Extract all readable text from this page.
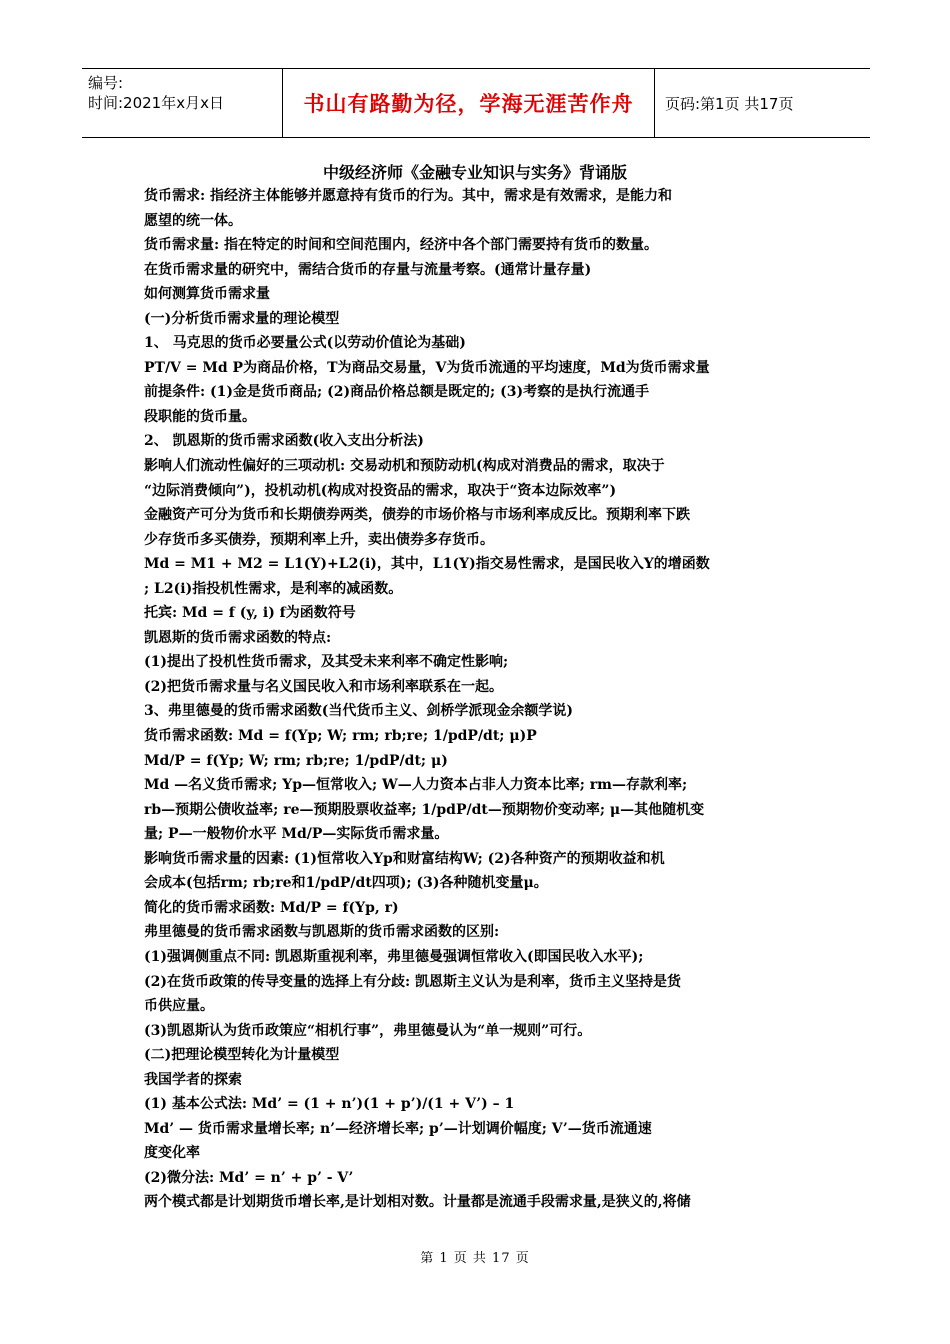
编号:
时间:2021年x月x日	书山有路勤为径，学海无涯苦作舟	页码:第1页 共17页
中级经济师《金融专业知识与实务》背诵版
货币需求: 指经济主体能够并愿意持有货币的行为。其中，需求是有效需求，是能力和
愿望的统一体。
货币需求量: 指在特定的时间和空间范围内，经济中各个部门需要持有货币的数量。
在货币需求量的研究中，需结合货币的存量与流量考察。(通常计量存量)
如何测算货币需求量
(一)分析货币需求量的理论模型
1、 马克思的货币必要量公式(以劳动价值论为基础)
PT/V = Md P为商品价格，T为商品交易量，V为货币流通的平均速度，Md为货币需求量
前提条件: (1)金是货币商品; (2)商品价格总额是既定的; (3)考察的是执行流通手
段职能的货币量。
2、 凯恩斯的货币需求函数(收入支出分析法)
影响人们流动性偏好的三项动机: 交易动机和预防动机(构成对消费品的需求，取决于
“边际消费倾向”)，投机动机(构成对投资品的需求，取决于“资本边际效率”)
金融资产可分为货币和长期债券两类，债券的市场价格与市场利率成反比。预期利率下跌
少存货币多买债券，预期利率上升，卖出债券多存货币。
Md = M1 + M2 = L1(Y)+L2(i)，其中，L1(Y)指交易性需求，是国民收入Y的增函数
; L2(i)指投机性需求，是利率的减函数。
托宾: Md = f (y, i) f为函数符号
凯恩斯的货币需求函数的特点:
(1)提出了投机性货币需求，及其受未来利率不确定性影响;
(2)把货币需求量与名义国民收入和市场利率联系在一起。
3、弗里德曼的货币需求函数(当代货币主义、剑桥学派现金余额学说)
货币需求函数: Md = f(Yp; W; rm; rb;re; 1/pdP/dt; μ)P
Md/P = f(Yp; W; rm; rb;re; 1/pdP/dt; μ)
Md —名义货币需求; Yp—恒常收入; W—人力资本占非人力资本比率; rm—存款利率;
rb—预期公债收益率; re—预期股票收益率; 1/pdP/dt—预期物价变动率; μ—其他随机变
量; P—一般物价水平 Md/P—实际货币需求量。
影响货币需求量的因素: (1)恒常收入Yp和财富结构W; (2)各种资产的预期收益和机
会成本(包括rm; rb;re和1/pdP/dt四项); (3)各种随机变量μ。
简化的货币需求函数: Md/P = f(Yp, r)
弗里德曼的货币需求函数与凯恩斯的货币需求函数的区别:
(1)强调侧重点不同: 凯恩斯重视利率，弗里德曼强调恒常收入(即国民收入水平);
(2)在货币政策的传导变量的选择上有分歧: 凯恩斯主义认为是利率，货币主义坚持是货
币供应量。
(3)凯恩斯认为货币政策应“相机行事”，弗里德曼认为“单一规则”可行。
(二)把理论模型转化为计量模型
我国学者的探索
(1) 基本公式法: Md’ = (1 + n’)(1 + p’)/(1 + V’) – 1
Md’ — 货币需求量增长率; n’—经济增长率; p’—计划调价幅度; V’—货币流通速
度变化率
(2)微分法: Md’ = n’ + p’ - V’
两个模式都是计划期货币增长率,是计划相对数。计量都是流通手段需求量,是狭义的,将储
第 1 页 共 17 页
